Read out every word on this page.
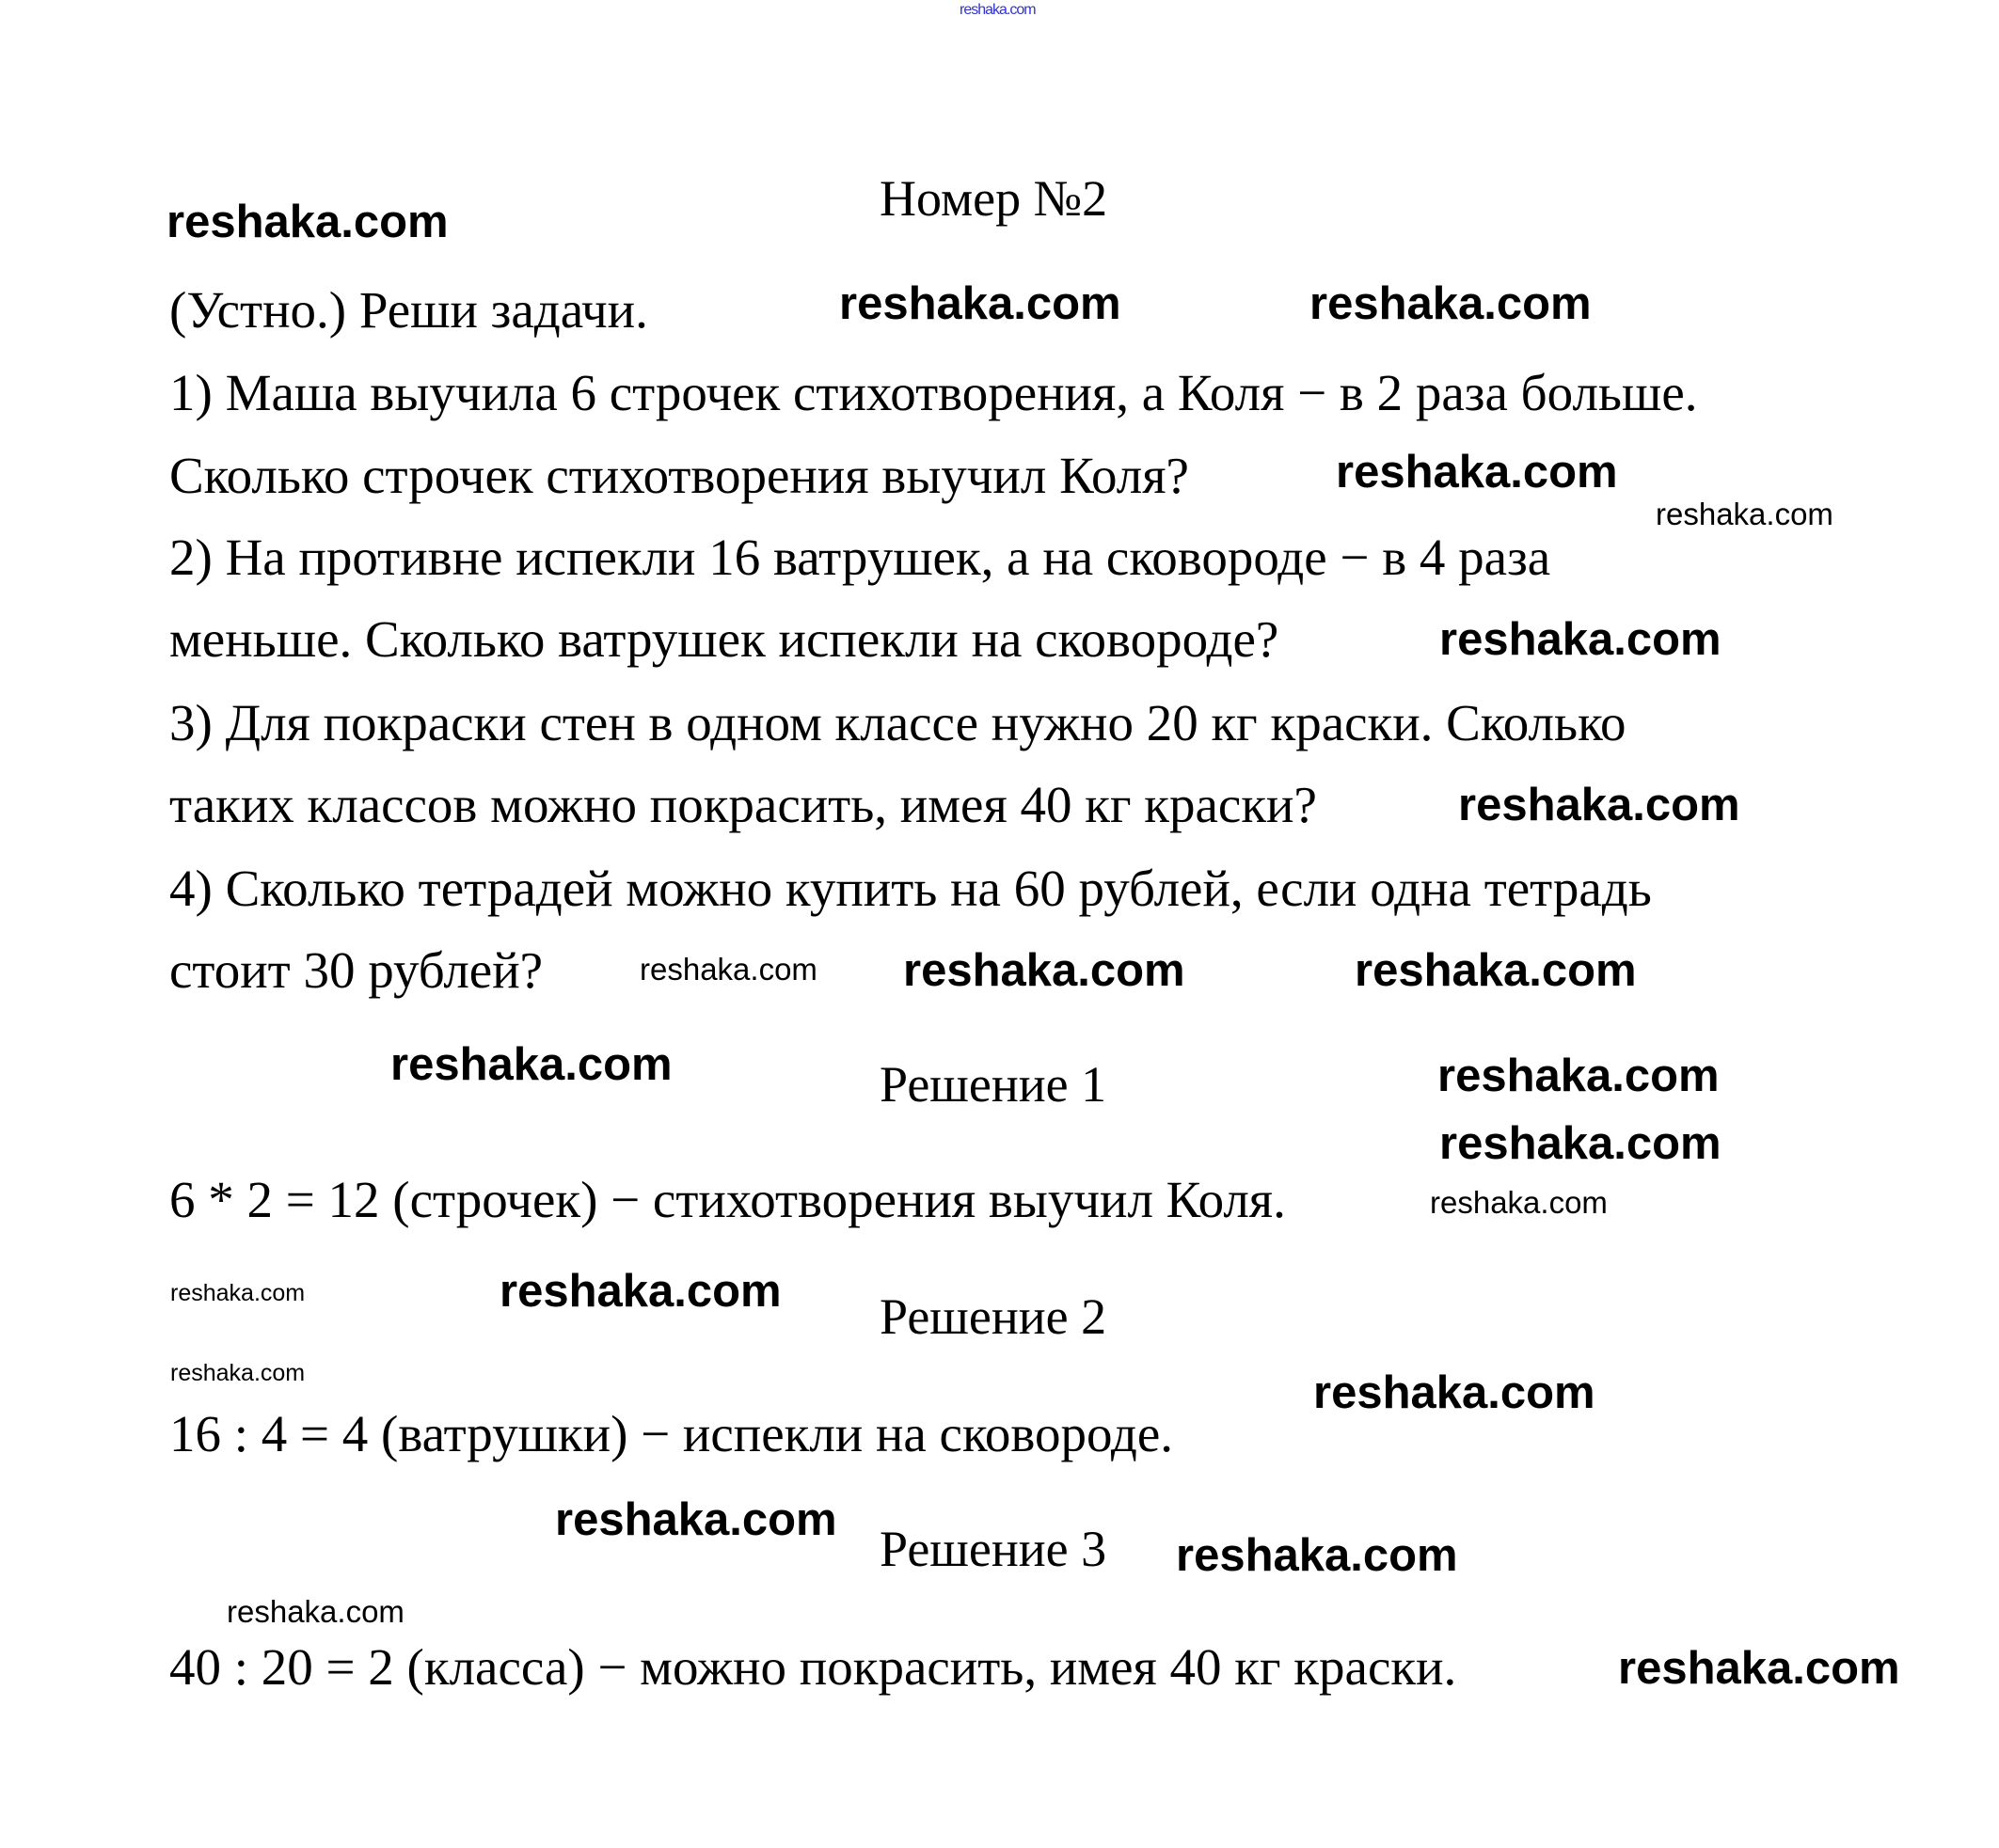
reshaka.com
Номер №2
(Устно.) Реши задачи.
1) Маша выучила 6 строчек стихотворения, а Коля − в 2 раза больше.
Сколько строчек стихотворения выучил Коля?
2) На противне испекли 16 ватрушек, а на сковороде − в 4 раза
меньше. Сколько ватрушек испекли на сковороде?
3) Для покраски стен в одном классе нужно 20 кг краски. Сколько
таких классов можно покрасить, имея 40 кг краски?
4) Сколько тетрадей можно купить на 60 рублей, если одна тетрадь
стоит 30 рублей?
Решение 1
6 * 2 = 12 (строчек) − стихотворения выучил Коля.
Решение 2
16 : 4 = 4 (ватрушки) − испекли на сковороде.
Решение 3
40 : 20 = 2 (класса) − можно покрасить, имея 40 кг краски.
reshaka.com
reshaka.com	reshaka.com
reshaka.com
reshaka.com
reshaka.com
reshaka.com
reshaka.com
reshaka.com reshaka.com	reshaka.com
reshaka.com	reshaka.com
reshaka.com
reshaka.com	reshaka.com
reshaka.com
reshaka.com
reshaka.com
reshaka.com
reshaka.com
reshaka.com
